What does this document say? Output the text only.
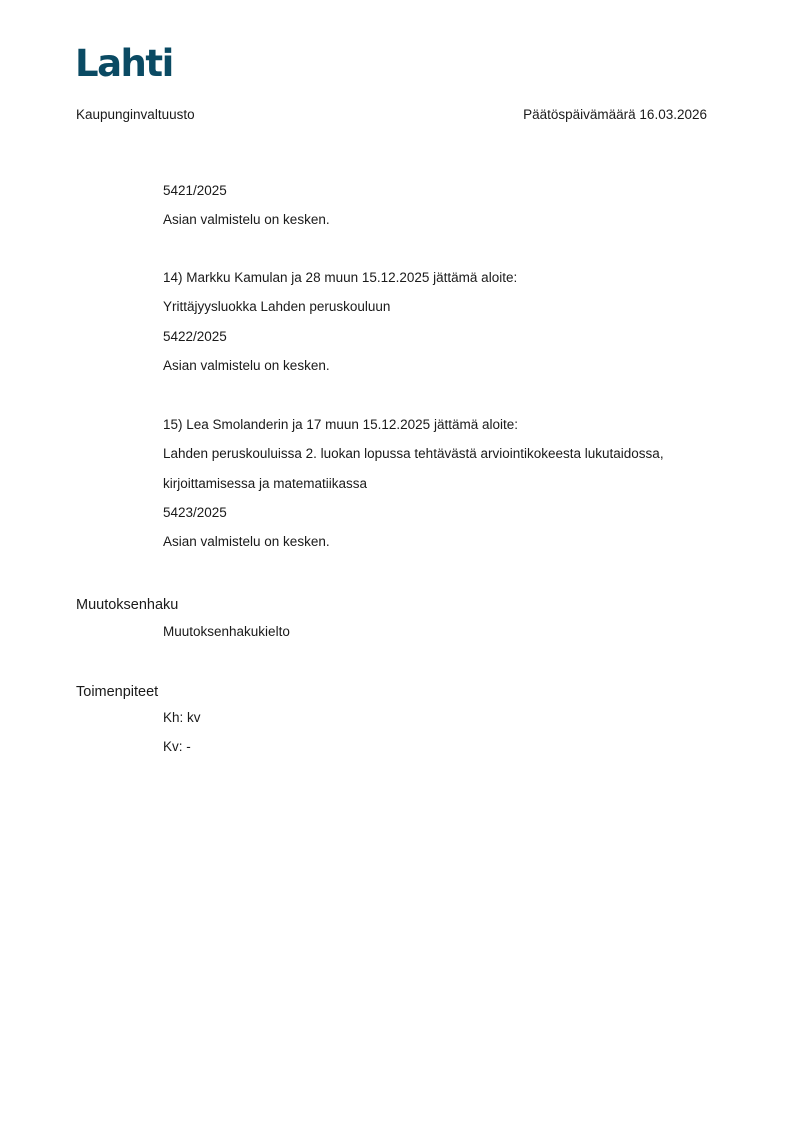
Lahti
Kaupunginvaltuusto	Päätöspäivämäärä 16.03.2026
5421/2025
Asian valmistelu on kesken.
14) Markku Kamulan ja 28 muun 15.12.2025 jättämä aloite:
Yrittäjyysluokka Lahden peruskouluun
5422/2025
Asian valmistelu on kesken.
15) Lea Smolanderin ja 17 muun 15.12.2025 jättämä aloite:
Lahden peruskouluissa 2. luokan lopussa tehtävästä arviointikokeesta lukutaidossa,
kirjoittamisessa ja matematiikassa
5423/2025
Asian valmistelu on kesken.
Muutoksenhaku
Muutoksenhakukielto
Toimenpiteet
Kh: kv
Kv: -
